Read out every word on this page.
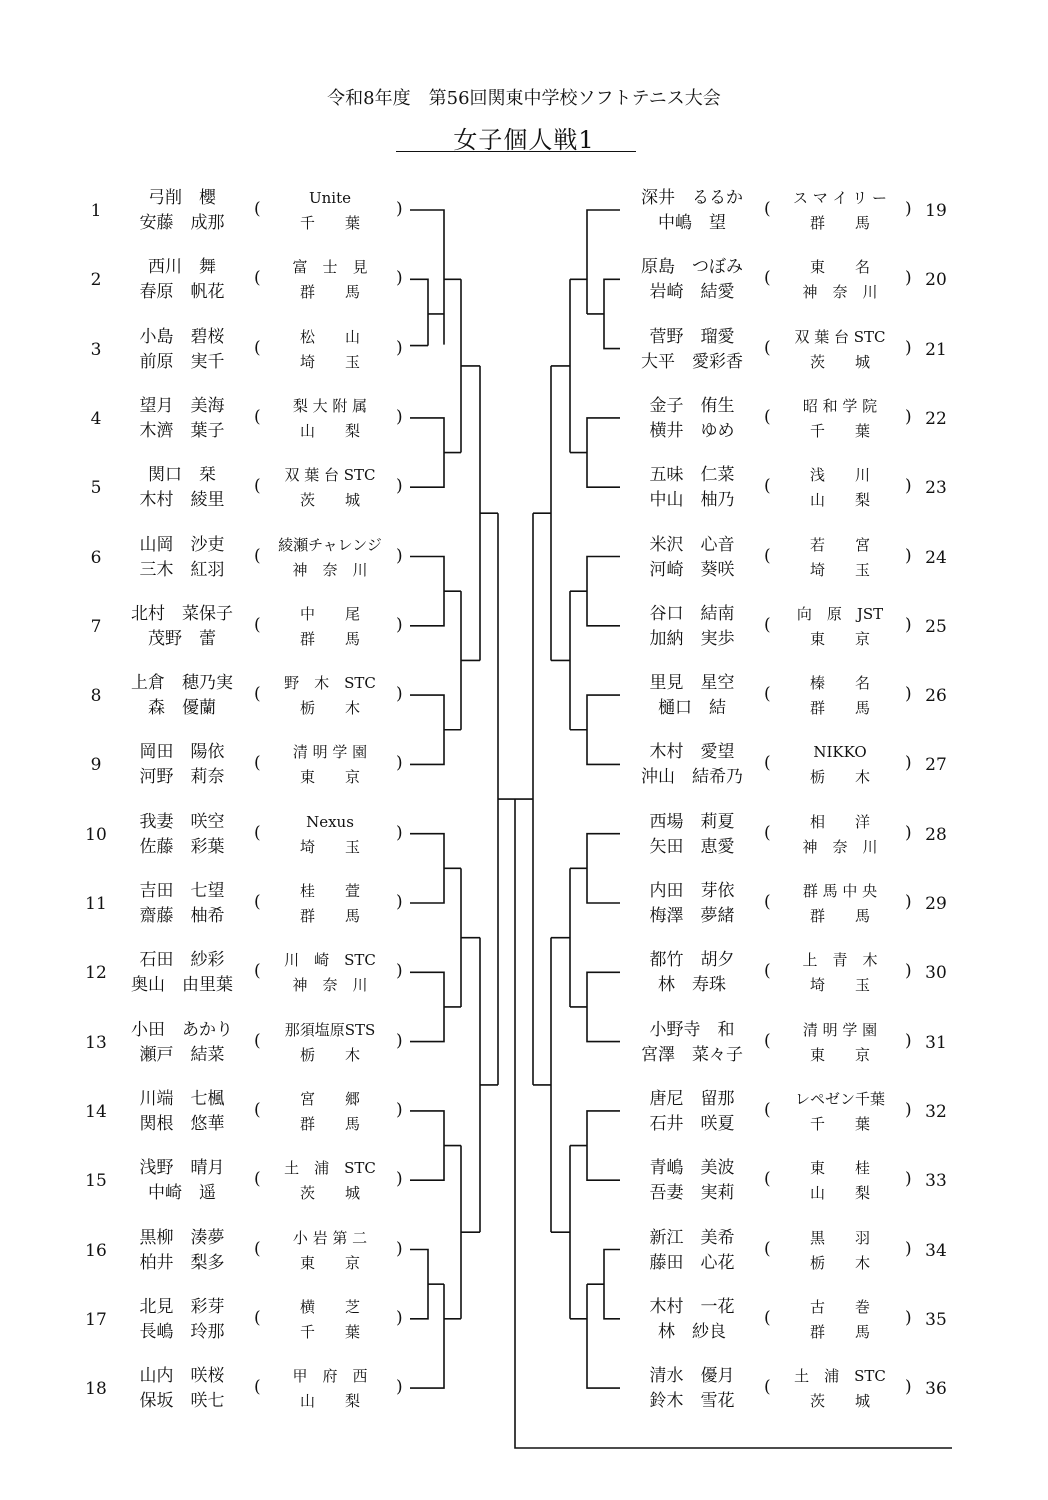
令和8年度　第56回関東中学校ソフトテニス大会
女子個人戦1
1
弓削　櫻
安藤　成那
(
Unite
千　　葉
)
2
西川　舞
春原　帆花
(
富　士　見
群　　馬
)
3
小島　碧桜
前原　実千
(
松　　山
埼　　玉
)
4
望月　美海
木濟　葉子
(
梨 大 附 属
山　　梨
)
5
関口　栞
木村　綾里
(
双 葉 台 STC
茨　　城
)
6
山岡　沙吏
三木　紅羽
(
綾瀬チャレンジ
神　奈　川
)
7
北村　菜保子
茂野　蕾
(
中　　尾
群　　馬
)
8
上倉　穂乃実
森　優蘭
(
野　木　STC
栃　　木
)
9
岡田　陽依
河野　莉奈
(
清 明 学 園
東　　京
)
10
我妻　咲空
佐藤　彩葉
(
Nexus
埼　　玉
)
11
吉田　七望
齋藤　柚希
(
桂　　萱
群　　馬
)
12
石田　紗彩
奥山　由里葉
(
川　崎　STC
神　奈　川
)
13
小田　あかり
瀬戸　結菜
(
那須塩原STS
栃　　木
)
14
川端　七楓
関根　悠華
(
宮　　郷
群　　馬
)
15
浅野　晴月
中崎　遥
(
土　浦　STC
茨　　城
)
16
黒柳　湊夢
柏井　梨多
(
小 岩 第 二
東　　京
)
17
北見　彩芽
長嶋　玲那
(
横　　芝
千　　葉
)
18
山内　咲桜
保坂　咲七
(
甲　府　西
山　　梨
)
19
深井　るるか
中嶋　望
(
ス マ イ リ ー
群　　馬
)
20
原島　つぼみ
岩崎　結愛
(
東　　名
神　奈　川
)
21
菅野　瑠愛
大平　愛彩香
(
双 葉 台 STC
茨　　城
)
22
金子　侑生
横井　ゆめ
(
昭 和 学 院
千　　葉
)
23
五味　仁菜
中山　柚乃
(
浅　　川
山　　梨
)
24
米沢　心音
河崎　葵咲
(
若　　宮
埼　　玉
)
25
谷口　結南
加納　実歩
(
向　原　JST
東　　京
)
26
里見　星空
樋口　結
(
榛　　名
群　　馬
)
27
木村　愛望
沖山　結希乃
(
NIKKO
栃　　木
)
28
西場　莉夏
矢田　恵愛
(
相　　洋
神　奈　川
)
29
内田　芽依
梅澤　夢緒
(
群 馬 中 央
群　　馬
)
30
都竹　胡夕
林　寿珠
(
上　青　木
埼　　玉
)
31
小野寺　和
宮澤　菜々子
(
清 明 学 園
東　　京
)
32
唐尼　留那
石井　咲夏
(
レペゼン千葉
千　　葉
)
33
青嶋　美波
吾妻　実莉
(
東　　桂
山　　梨
)
34
新江　美希
藤田　心花
(
黒　　羽
栃　　木
)
35
木村　一花
林　紗良
(
古　　巻
群　　馬
)
36
清水　優月
鈴木　雪花
(
土　浦　STC
茨　　城
)
